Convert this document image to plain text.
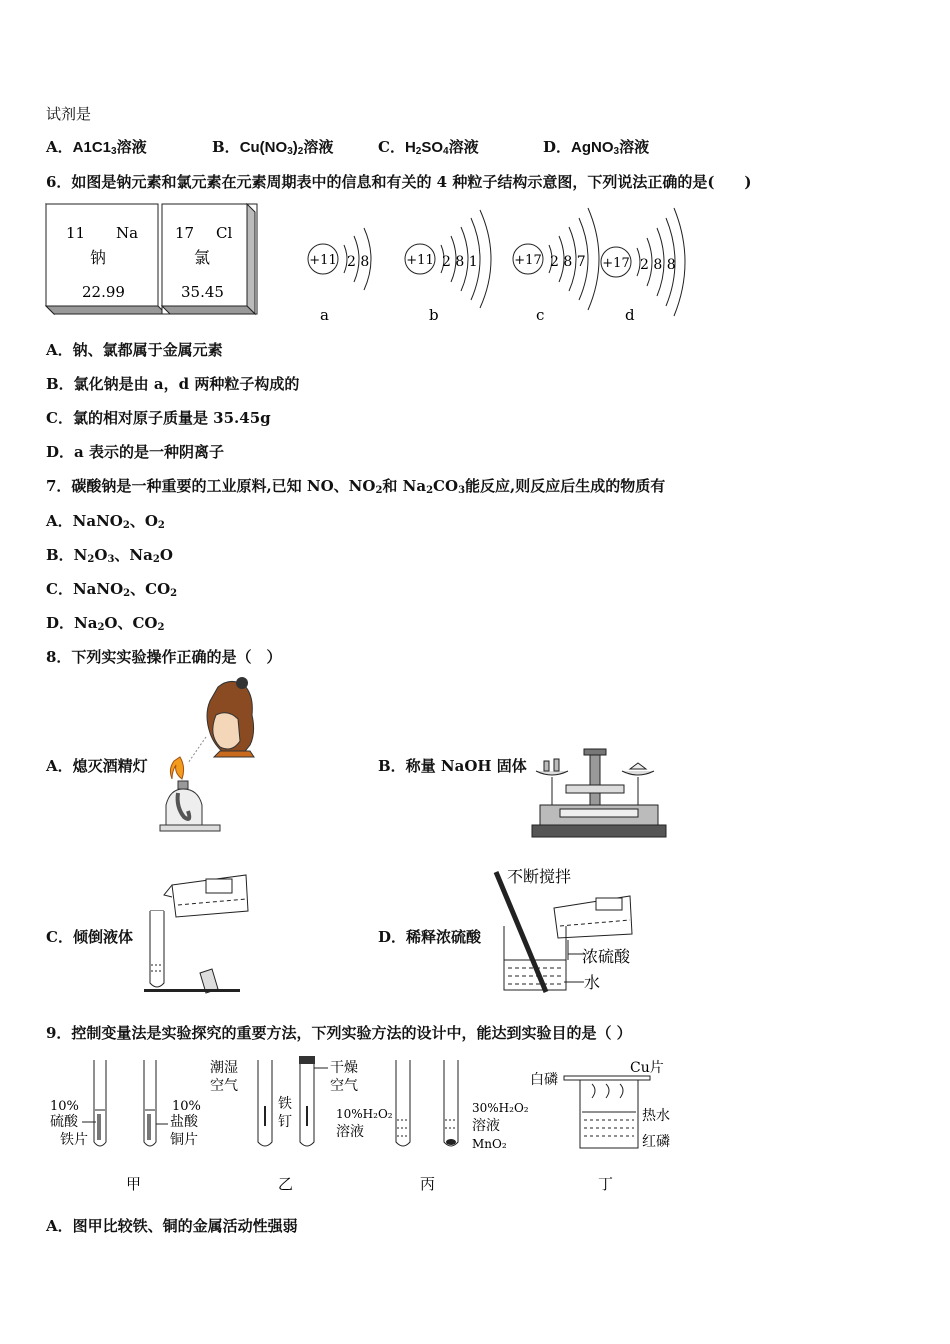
试剂是
A．$A1C1_3$溶液	B．$Cu(NO_3)_2$溶液	C．$H_2SO_4$溶液	D．AgNO$_3$溶液
6．如图是钠元素和氯元素在元素周期表中的信息和有关的 4 种粒子结构示意图，下列说法正确的是(　　)
11 Na
钠
22.99
17 Cl
氯
35.45
+11 2 8
a
+11 2 8 1
b
+17 2 8 7
c
+17 2 8 8
d
A．钠、氯都属于金属元素
B．氯化钠是由 a，d 两种粒子构成的
C．氯的相对原子质量是 35.45g
D．a 表示的是一种阴离子
7．碳酸钠是一种重要的工业原料,已知 NO、$NO_2$和 $Na_2CO_3$能反应,则反应后生成的物质有
A．NaNO$_2$、$O_2$
B．$N_2O_3$、$Na_2O$
C．NaNO$_2$、$CO_2$
D．$Na_2O$、$CO_2$
8．下列实实验操作正确的是（　）
A．熄灭酒精灯	B．称量 NaOH 固体
C．倾倒液体	D．稀释浓硫酸
不断搅拌
浓硫酸
水
9．控制变量法是实验探究的重要方法，下列实验方法的设计中，能达到实验目的是（ ）
10%
硫酸
铁片
10%
盐酸
铜片
甲
潮湿
空气
铁
钉
干燥
空气
乙
10%H₂O₂
溶液
30%H₂O₂
溶液
MnO₂
丙
白磷
Cu片
热水
红磷
丁
A．图甲比较铁、铜的金属活动性强弱
